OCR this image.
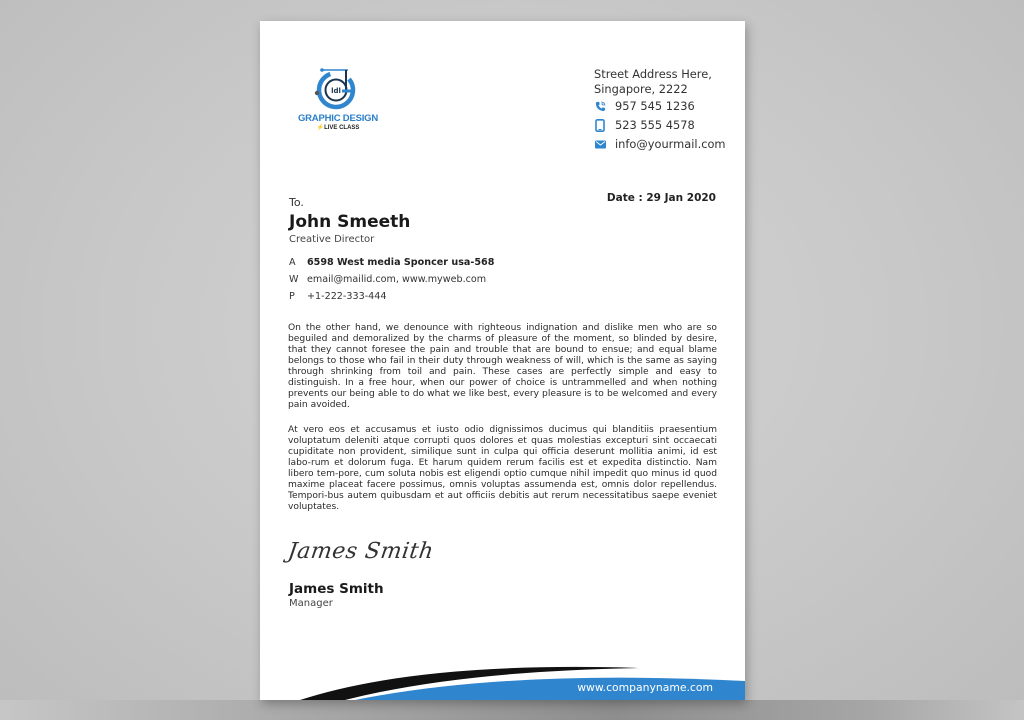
ldl
GRAPHIC DESIGN
⚡LIVE CLASS
Street Address Here,
Singapore, 2222
957 545 1236
523 555 4578
info@yourmail.com
Date : 29 Jan 2020
To.
John Smeeth
Creative Director
A	6598 West media Sponcer usa-568
W email@mailid.com, www.myweb.com
P	+1-222-333-444

On the other hand, we denounce with righteous indignation and dislike men who are so beguiled and demoralized by the charms of pleasure of the moment, so blinded by desire, that they cannot foresee the pain and trouble that are bound to ensue; and equal blame belongs to those who fail in their duty through weakness of will, which is the same as saying through shrinking from toil and pain. These cases are perfectly simple and easy to distinguish. In a free hour, when our power of choice is untrammelled and when nothing prevents our being able to do what we like best, every pleasure is to be welcomed and every pain avoided.

At vero eos et accusamus et iusto odio dignissimos ducimus qui blanditiis praesentium voluptatum deleniti atque corrupti quos dolores et quas molestias excepturi sint occaecati cupiditate non provident, similique sunt in culpa qui officia deserunt mollitia animi, id est labo-rum et dolorum fuga. Et harum quidem rerum facilis est et expedita distinctio. Nam libero tem-pore, cum soluta nobis est eligendi optio cumque nihil impedit quo minus id quod maxime placeat facere possimus, omnis voluptas assumenda est, omnis dolor repellendus. Tempori-bus autem quibusdam et aut officiis debitis aut rerum necessitatibus saepe eveniet voluptates.

James Smith
James Smith
Manager
www.companyname.com
